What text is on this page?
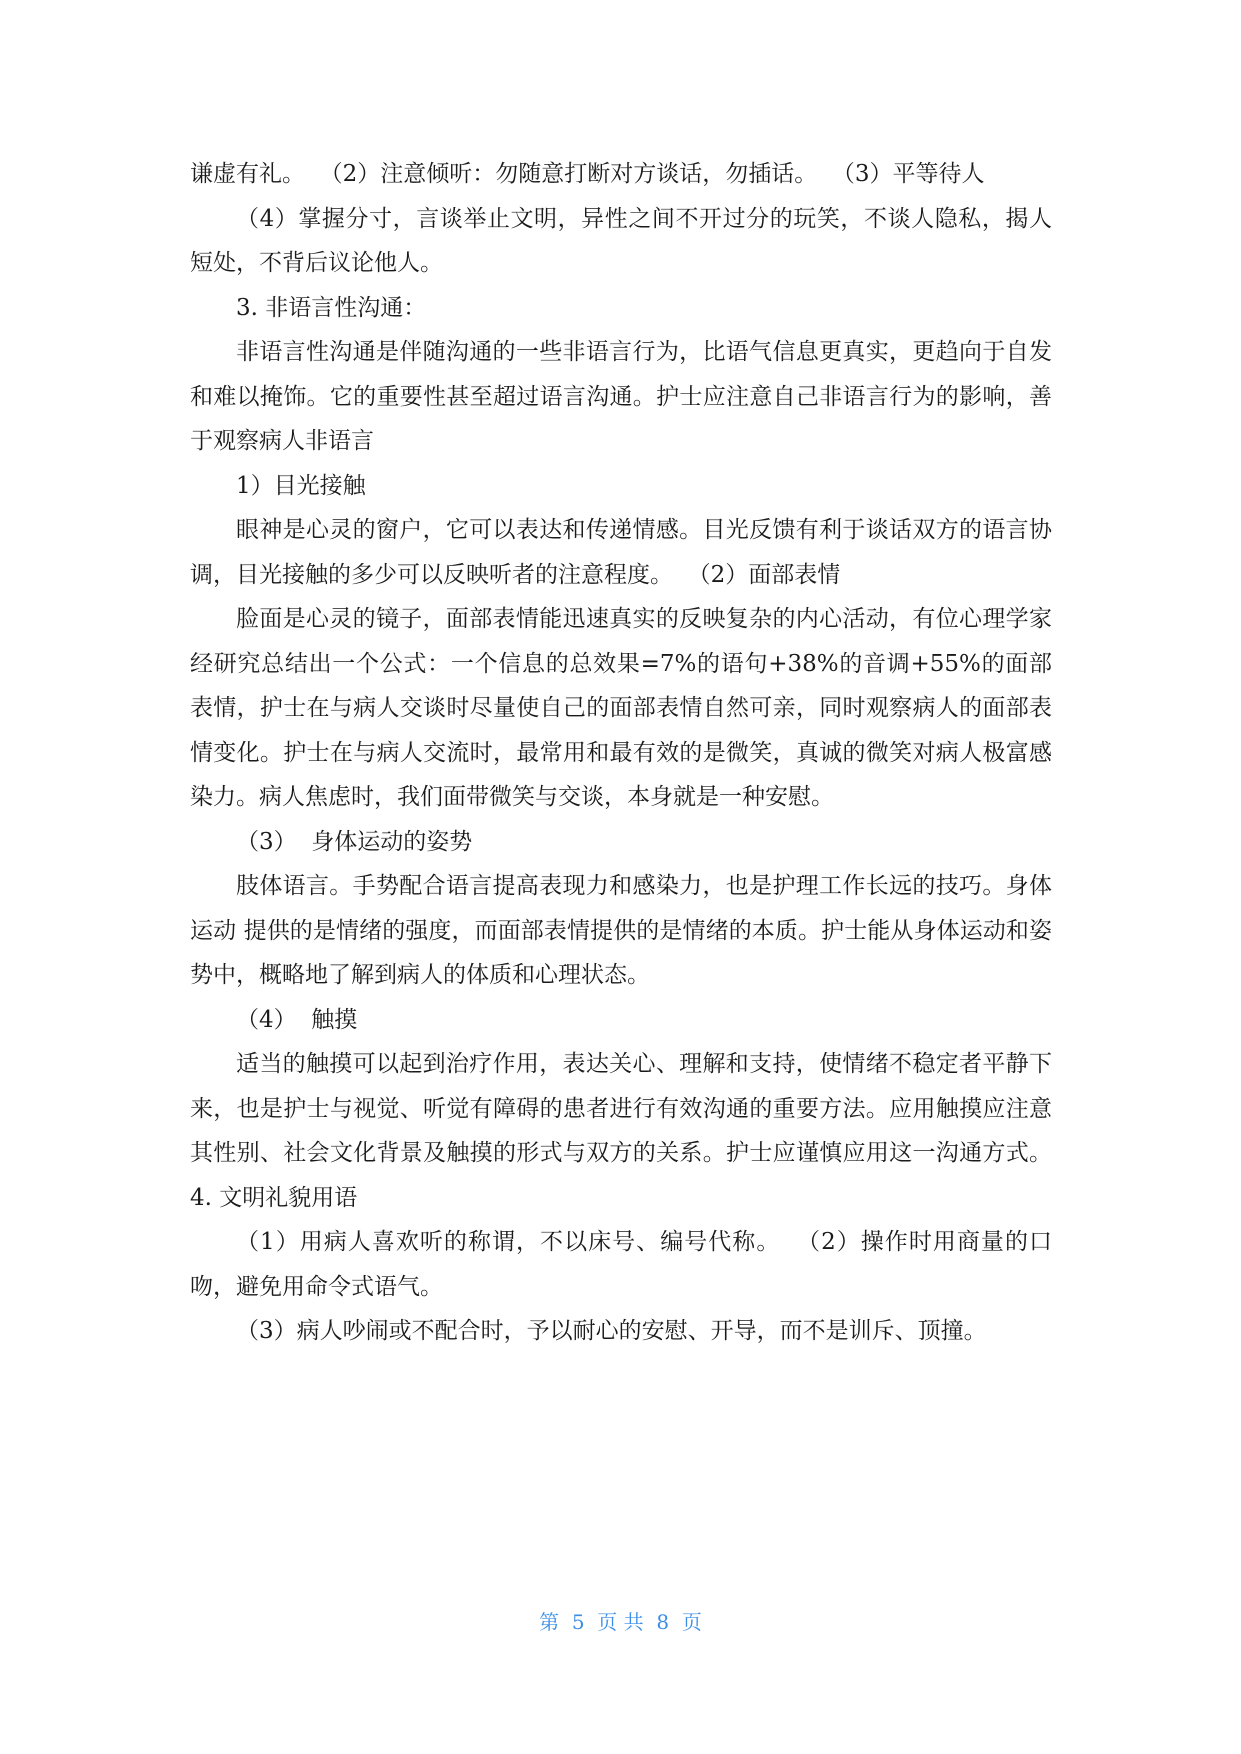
谦虚有礼。  （2）注意倾听：勿随意打断对方谈话，勿插话。  （3）平等待人

（4）掌握分寸，言谈举止文明，异性之间不开过分的玩笑，不谈人隐私，揭人短处，不背后议论他人。

3. 非语言性沟通：

非语言性沟通是伴随沟通的一些非语言行为，比语气信息更真实，更趋向于自发和难以掩饰。它的重要性甚至超过语言沟通。护士应注意自己非语言行为的影响，善于观察病人非语言

1）目光接触

眼神是心灵的窗户，它可以表达和传递情感。目光反馈有利于谈话双方的语言协调，目光接触的多少可以反映听者的注意程度。  （2）面部表情

脸面是心灵的镜子，面部表情能迅速真实的反映复杂的内心活动，有位心理学家经研究总结出一个公式：一个信息的总效果=7%的语句+38%的音调+55%的面部表情，护士在与病人交谈时尽量使自己的面部表情自然可亲，同时观察病人的面部表情变化。护士在与病人交流时，最常用和最有效的是微笑，真诚的微笑对病人极富感染力。病人焦虑时，我们面带微笑与交谈，本身就是一种安慰。

（3）  身体运动的姿势

肢体语言。手势配合语言提高表现力和感染力，也是护理工作长远的技巧。身体运动 提供的是情绪的强度，而面部表情提供的是情绪的本质。护士能从身体运动和姿势中，概略地了解到病人的体质和心理状态。

（4）  触摸

适当的触摸可以起到治疗作用，表达关心、理解和支持，使情绪不稳定者平静下来，也是护士与视觉、听觉有障碍的患者进行有效沟通的重要方法。应用触摸应注意其性别、社会文化背景及触摸的形式与双方的关系。护士应谨慎应用这一沟通方式。  4. 文明礼貌用语

（1）用病人喜欢听的称谓，不以床号、编号代称。  （2）操作时用商量的口吻，避免用命令式语气。

（3）病人吵闹或不配合时，予以耐心的安慰、开导，而不是训斥、顶撞。

第  5  页 共  8  页
